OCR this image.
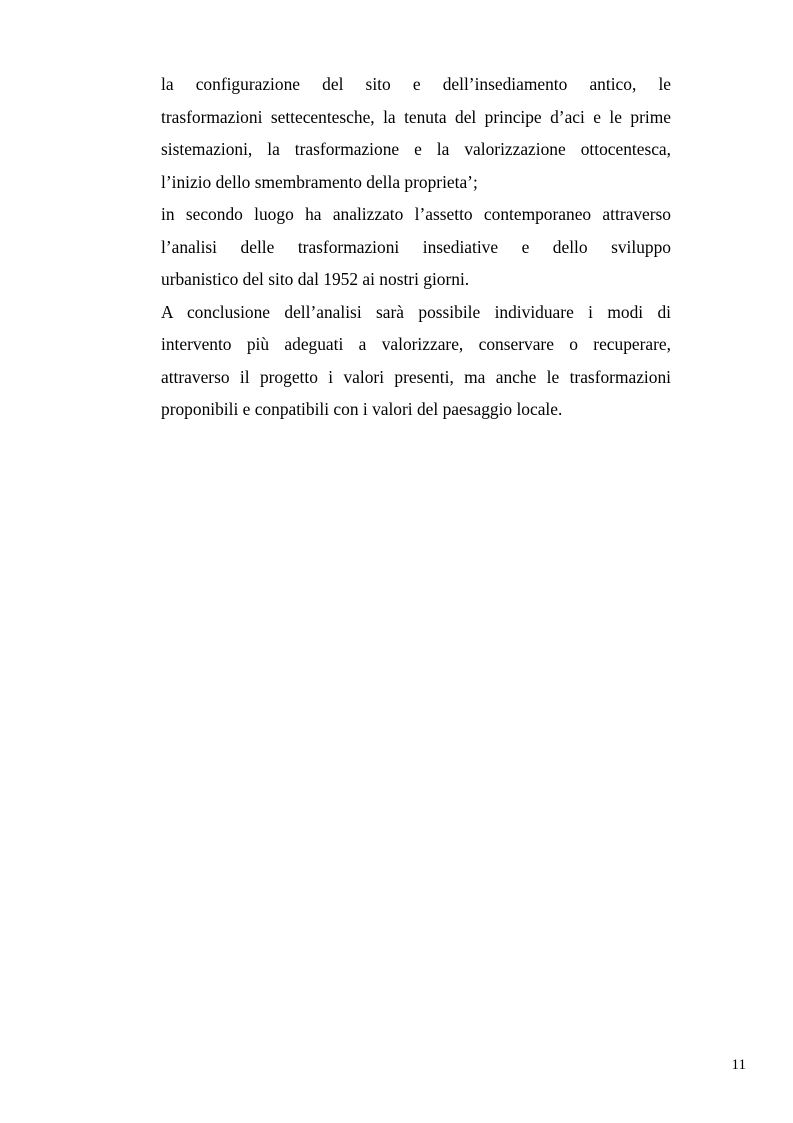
la configurazione del sito e dell’insediamento antico, le
trasformazioni settecentesche, la tenuta del principe d’aci e le prime
sistemazioni, la trasformazione e la valorizzazione ottocentesca,
l’inizio dello smembramento della proprieta’;
in secondo luogo ha analizzato l’assetto contemporaneo attraverso
l’analisi delle trasformazioni insediative e dello sviluppo
urbanistico del sito dal 1952 ai nostri giorni.
A conclusione dell’analisi sarà possibile individuare i modi di
intervento più adeguati a valorizzare, conservare o recuperare,
attraverso il progetto i valori presenti, ma anche le trasformazioni
proponibili e conpatibili con i valori del paesaggio locale.
11
